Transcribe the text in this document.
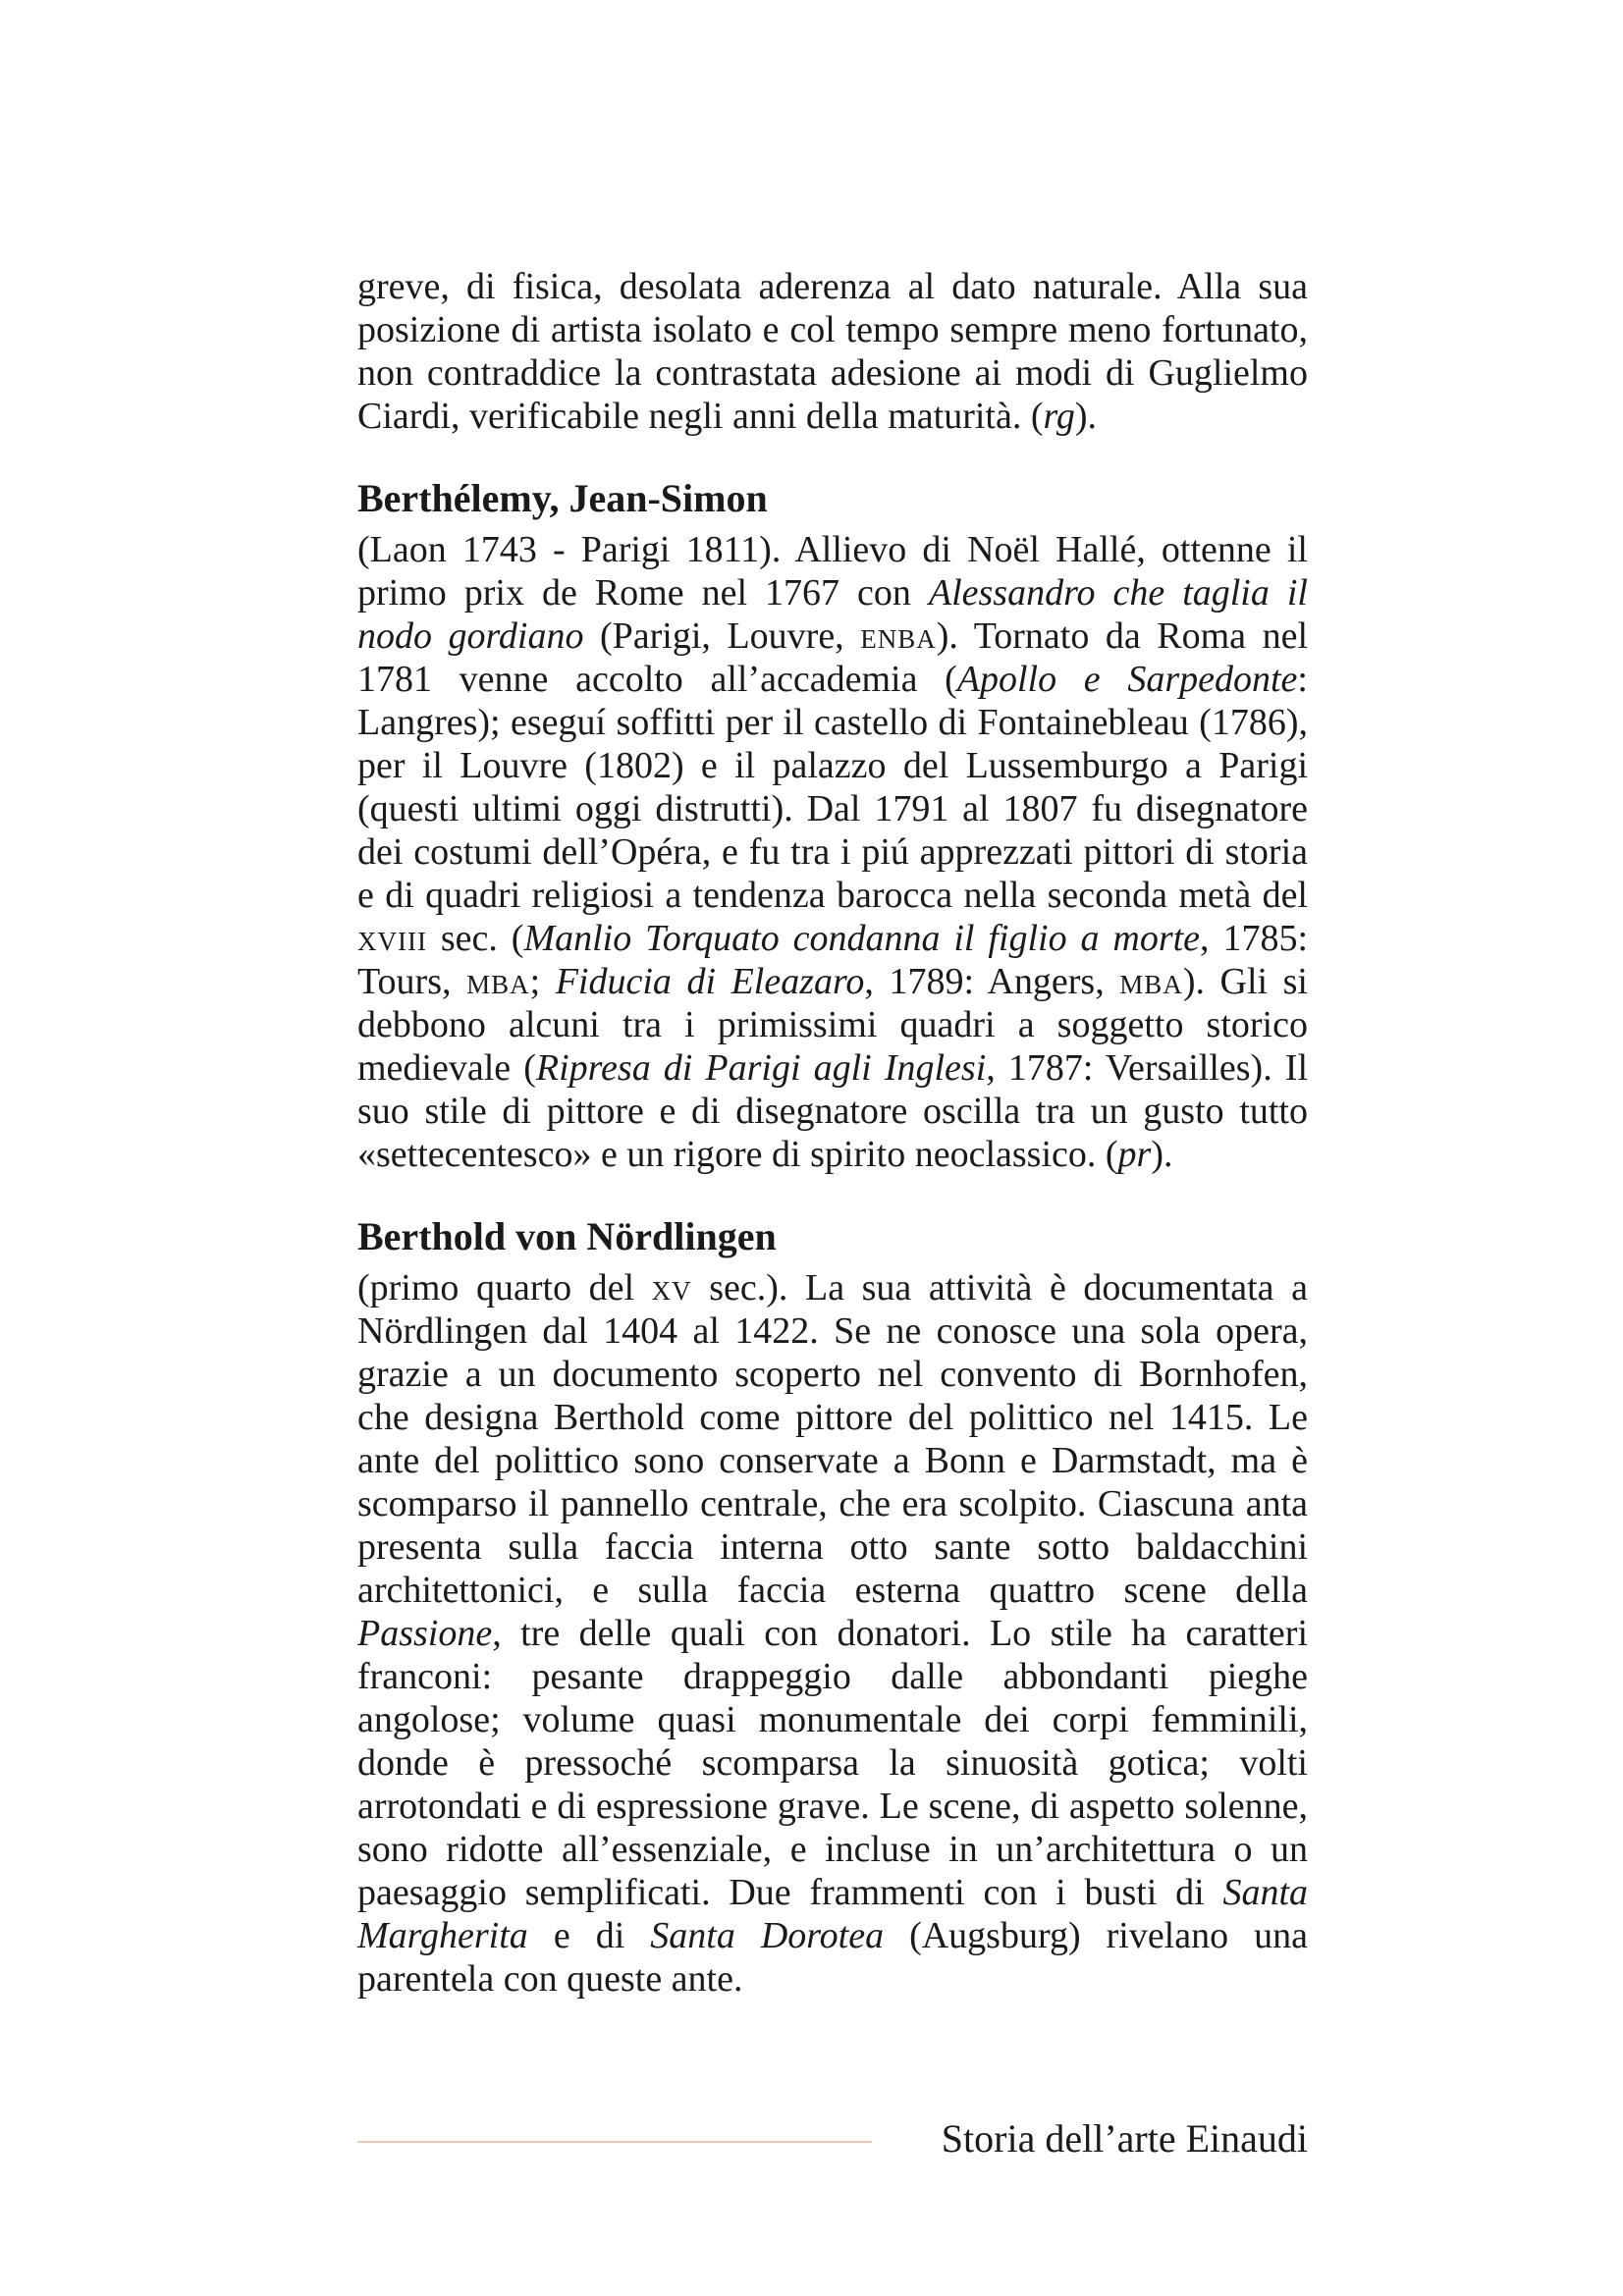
greve, di fisica, desolata aderenza al dato naturale. Alla sua posizione di artista isolato e col tempo sempre meno fortunato, non contraddice la contrastata adesione ai modi di Guglielmo Ciardi, verificabile negli anni della maturità. (rg).

Berthélemy, Jean-Simon

(Laon 1743 - Parigi 1811). Allievo di Noël Hallé, ottenne il primo prix de Rome nel 1767 con Alessandro che taglia il nodo gordiano (Parigi, Louvre, enba). Tornato da Roma nel 1781 venne accolto all’accademia (Apollo e Sarpedonte: Langres); eseguí soffitti per il castello di Fontainebleau (1786), per il Louvre (1802) e il palazzo del Lussemburgo a Parigi (questi ultimi oggi distrutti). Dal 1791 al 1807 fu disegnatore dei costumi dell’Opéra, e fu tra i piú apprezzati pittori di storia e di quadri religiosi a tendenza barocca nella seconda metà del xviii sec. (Manlio Torquato condanna il figlio a morte, 1785: Tours, mba; Fiducia di Eleazaro, 1789: Angers, mba). Gli si debbono alcuni tra i primissimi quadri a soggetto storico medievale (Ripresa di Parigi agli Inglesi, 1787: Versailles). Il suo stile di pittore e di disegnatore oscilla tra un gusto tutto «settecentesco» e un rigore di spirito neoclassico. (pr).

Berthold von Nördlingen

(primo quarto del xv sec.). La sua attività è documentata a Nördlingen dal 1404 al 1422. Se ne conosce una sola opera, grazie a un documento scoperto nel convento di Bornhofen, che designa Berthold come pittore del polittico nel 1415. Le ante del polittico sono conservate a Bonn e Darmstadt, ma è scomparso il pannello centrale, che era scolpito. Ciascuna anta presenta sulla faccia interna otto sante sotto baldacchini architettonici, e sulla faccia esterna quattro scene della Passione, tre delle quali con donatori. Lo stile ha caratteri franconi: pesante drappeggio dalle abbondanti pieghe angolose; volume quasi monumentale dei corpi femminili, donde è pressoché scomparsa la sinuosità gotica; volti arrotondati e di espressione grave. Le scene, di aspetto solenne, sono ridotte all’essenziale, e incluse in un’architettura o un paesaggio semplificati. Due frammenti con i busti di Santa Margherita e di Santa Dorotea (Augsburg) rivelano una parentela con queste ante.

Storia dell’arte Einaudi
